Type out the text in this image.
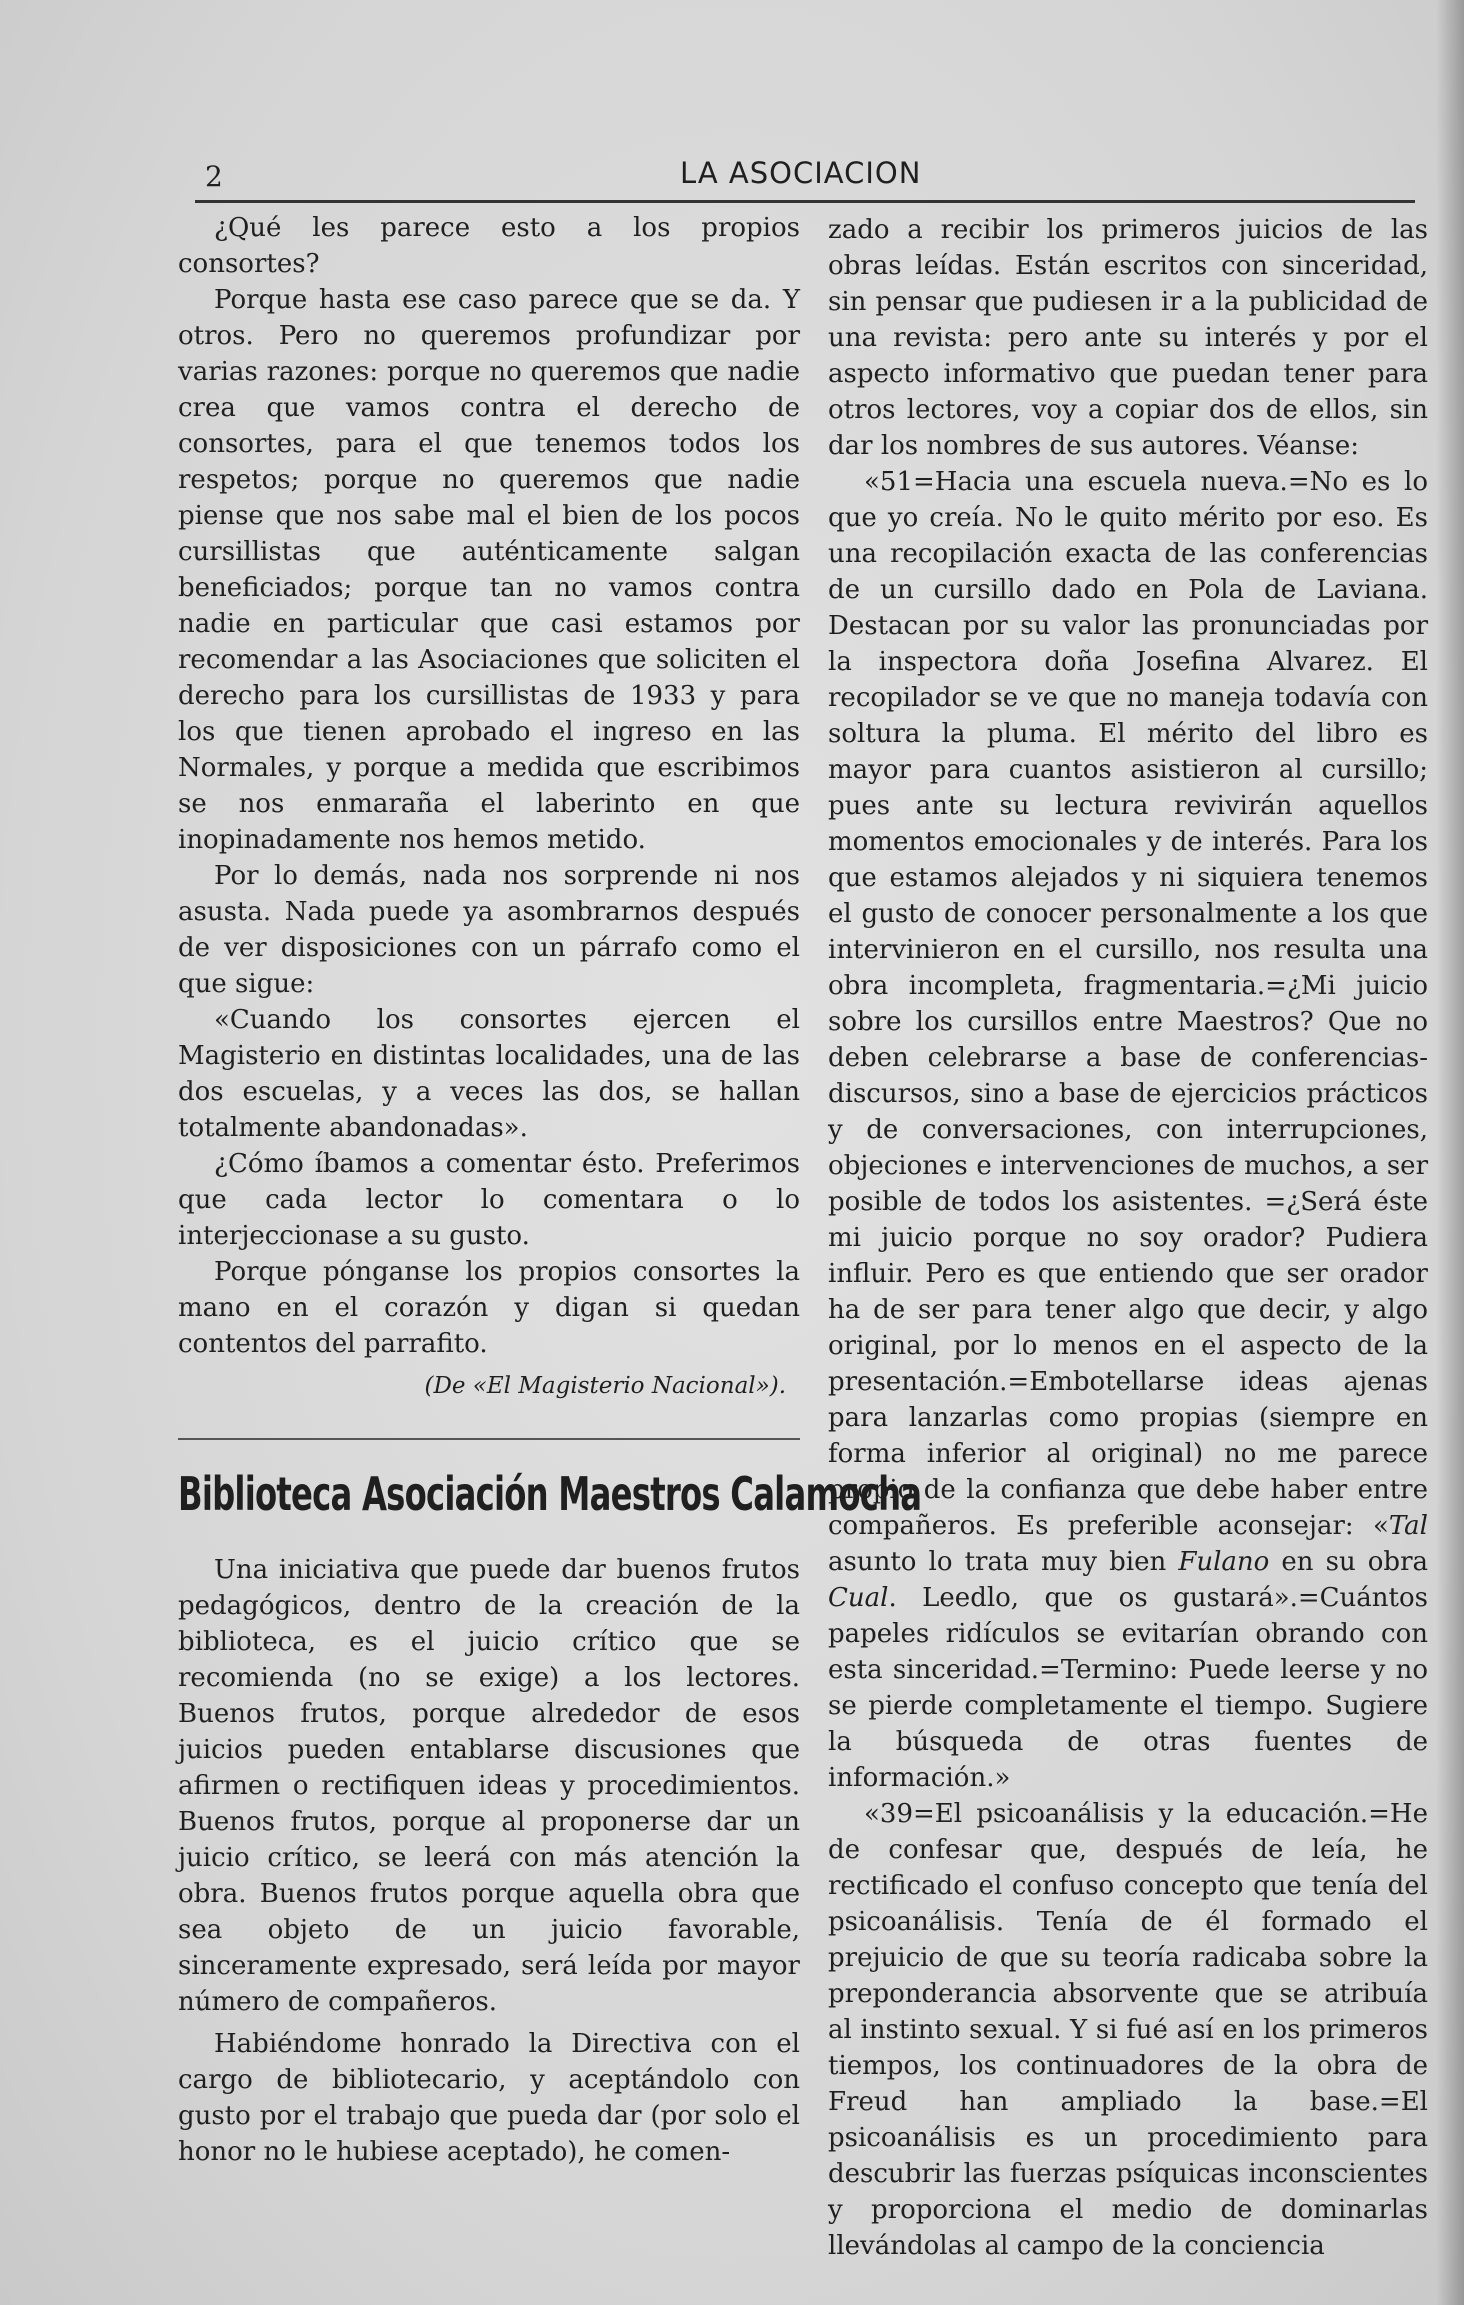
2	LA ASOCIACION

¿Qué les parece esto a los propios consortes?

Porque hasta ese caso parece que se da. Y otros. Pero no queremos profundizar por varias razones: porque no queremos que nadie crea que vamos contra el derecho de consortes, para el que tenemos todos los respetos; porque no queremos que nadie piense que nos sabe mal el bien de los pocos cursillistas que auténticamente salgan beneficiados; porque tan no vamos contra nadie en particular que casi estamos por recomendar a las Asociaciones que soliciten el derecho para los cursillistas de 1933 y para los que tienen aprobado el ingreso en las Normales, y porque a medida que escribimos se nos enmaraña el laberinto en que inopinadamente nos hemos metido.

Por lo demás, nada nos sorprende ni nos asusta. Nada puede ya asombrarnos después de ver disposiciones con un párrafo como el que sigue:

«Cuando los consortes ejercen el Magisterio en distintas localidades, una de las dos escuelas, y a veces las dos, se hallan totalmente abandonadas».

¿Cómo íbamos a comentar ésto. Preferimos que cada lector lo comentara o lo interjeccionase a su gusto.

Porque pónganse los propios consortes la mano en el corazón y digan si quedan contentos del parrafito.

(De «El Magisterio Nacional»).

Biblioteca Asociación Maestros Calamocha

Una iniciativa que puede dar buenos frutos pedagógicos, dentro de la creación de la biblioteca, es el juicio crítico que se recomienda (no se exige) a los lectores. Buenos frutos, porque alrededor de esos juicios pueden entablarse discusiones que afirmen o rectifiquen ideas y procedimientos. Buenos frutos, porque al proponerse dar un juicio crítico, se leerá con más atención la obra. Buenos frutos porque aquella obra que sea objeto de un juicio favorable, sinceramente expresado, será leída por mayor número de compañeros.

Habiéndome honrado la Directiva con el cargo de bibliotecario, y aceptándolo con gusto por el trabajo que pueda dar (por solo el honor no le hubiese aceptado), he comen-

zado a recibir los primeros juicios de las obras leídas. Están escritos con sinceridad, sin pensar que pudiesen ir a la publicidad de una revista: pero ante su interés y por el aspecto informativo que puedan tener para otros lectores, voy a copiar dos de ellos, sin dar los nombres de sus autores. Véanse:

«51=Hacia una escuela nueva.=No es lo que yo creía. No le quito mérito por eso. Es una recopilación exacta de las conferencias de un cursillo dado en Pola de Laviana. Destacan por su valor las pronunciadas por la inspectora doña Josefina Alvarez. El recopilador se ve que no maneja todavía con soltura la pluma. El mérito del libro es mayor para cuantos asistieron al cursillo; pues ante su lectura revivirán aquellos momentos emocionales y de interés. Para los que estamos alejados y ni siquiera tenemos el gusto de conocer personalmente a los que intervinieron en el cursillo, nos resulta una obra incompleta, fragmentaria.=¿Mi juicio sobre los cursillos entre Maestros? Que no deben celebrarse a base de conferencias-discursos, sino a base de ejercicios prácticos y de conversaciones, con interrupciones, objeciones e intervenciones de muchos, a ser posible de todos los asistentes. =¿Será éste mi juicio porque no soy orador? Pudiera influir. Pero es que entiendo que ser orador ha de ser para tener algo que decir, y algo original, por lo menos en el aspecto de la presentación.=Embotellarse ideas ajenas para lanzarlas como propias (siempre en forma inferior al original) no me parece propio de la confianza que debe haber entre compañeros. Es preferible aconsejar: «Tal asunto lo trata muy bien Fulano en su obra Cual. Leedlo, que os gustará».=Cuántos papeles ridículos se evitarían obrando con esta sinceridad.=Termino: Puede leerse y no se pierde completamente el tiempo. Sugiere la búsqueda de otras fuentes de información.»

«39=El psicoanálisis y la educación.=He de confesar que, después de leía, he rectificado el confuso concepto que tenía del psicoanálisis. Tenía de él formado el prejuicio de que su teoría radicaba sobre la preponderancia absorvente que se atribuía al instinto sexual. Y si fué así en los primeros tiempos, los continuadores de la obra de Freud han ampliado la base.=El psicoanálisis es un procedimiento para descubrir las fuerzas psíquicas inconscientes y proporciona el medio de dominarlas llevándolas al campo de la conciencia
